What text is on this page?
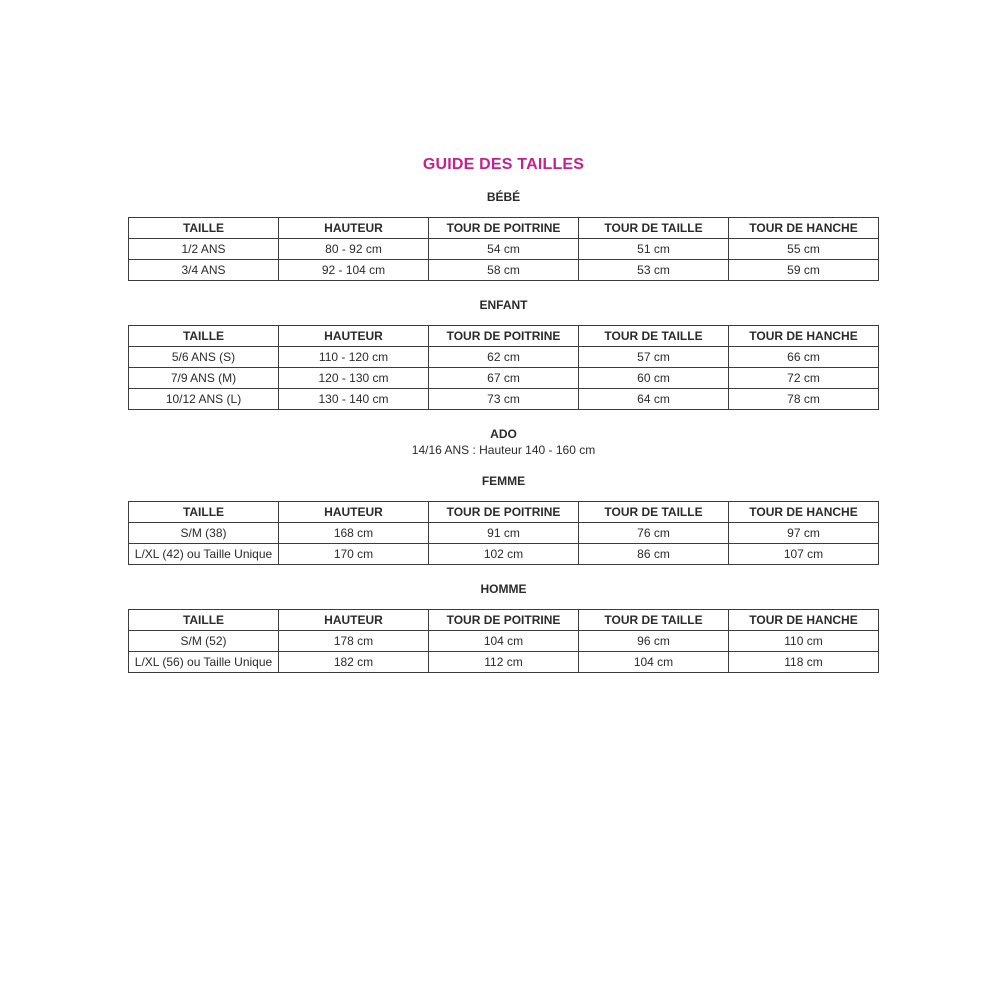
GUIDE DES TAILLES
BÉBÉ
TAILLE	HAUTEUR	TOUR DE POITRINE	TOUR DE TAILLE	TOUR DE HANCHE
1/2 ANS	80 - 92 cm	54 cm	51 cm	55 cm
3/4 ANS	92 - 104 cm	58 cm	53 cm	59 cm
ENFANT
TAILLE	HAUTEUR	TOUR DE POITRINE	TOUR DE TAILLE	TOUR DE HANCHE
5/6 ANS (S)	110 - 120 cm	62 cm	57 cm	66 cm
7/9 ANS (M)	120 - 130 cm	67 cm	60 cm	72 cm
10/12 ANS (L)	130 - 140 cm	73 cm	64 cm	78 cm
ADO
14/16 ANS : Hauteur 140 - 160 cm
FEMME
TAILLE	HAUTEUR	TOUR DE POITRINE	TOUR DE TAILLE	TOUR DE HANCHE
S/M (38)	168 cm	91 cm	76 cm	97 cm
L/XL (42) ou Taille Unique	170 cm	102 cm	86 cm	107 cm
HOMME
TAILLE	HAUTEUR	TOUR DE POITRINE	TOUR DE TAILLE	TOUR DE HANCHE
S/M (52)	178 cm	104 cm	96 cm	110 cm
L/XL (56) ou Taille Unique	182 cm	112 cm	104 cm	118 cm
